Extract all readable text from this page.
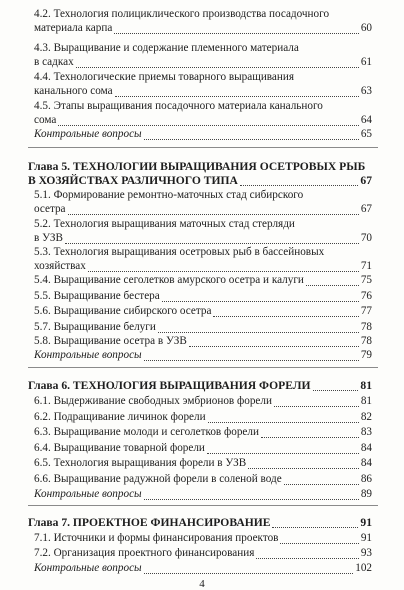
4.2. Технология полициклического производства посадочного
материала карпа	60
4.3. Выращивание и содержание племенного материала
в садках	61
4.4. Технологические приемы товарного выращивания
канального сома	63
4.5. Этапы выращивания посадочного материала канального
сома	64
Контрольные вопросы	65
Глава 5. ТЕХНОЛОГИИ ВЫРАЩИВАНИЯ ОСЕТРОВЫХ РЫБ
В ХОЗЯЙСТВАХ РАЗЛИЧНОГО ТИПА	67
5.1. Формирование ремонтно-маточных стад сибирского
осетра	67
5.2. Технология выращивания маточных стад стерляди
в УЗВ	70
5.3. Технология выращивания осетровых рыб в бассейновых
хозяйствах	71
5.4. Выращивание сеголетков амурского осетра и калуги	75
5.5. Выращивание бестера	76
5.6. Выращивание сибирского осетра	77
5.7. Выращивание белуги	78
5.8. Выращивание осетра в УЗВ	78
Контрольные вопросы	79
Глава 6. ТЕХНОЛОГИЯ ВЫРАЩИВАНИЯ ФОРЕЛИ	81
6.1. Выдерживание свободных эмбрионов форели	81
6.2. Подращивание личинок форели	82
6.3. Выращивание молоди и сеголетков форели	83
6.4. Выращивание товарной форели	84
6.5. Технология выращивания форели в УЗВ	84
6.6. Выращивание радужной форели в соленой воде	86
Контрольные вопросы	89
Глава 7. ПРОЕКТНОЕ ФИНАНСИРОВАНИЕ	91
7.1. Источники и формы финансирования проектов	91
7.2. Организация проектного финансирования	93
Контрольные вопросы	102
4
